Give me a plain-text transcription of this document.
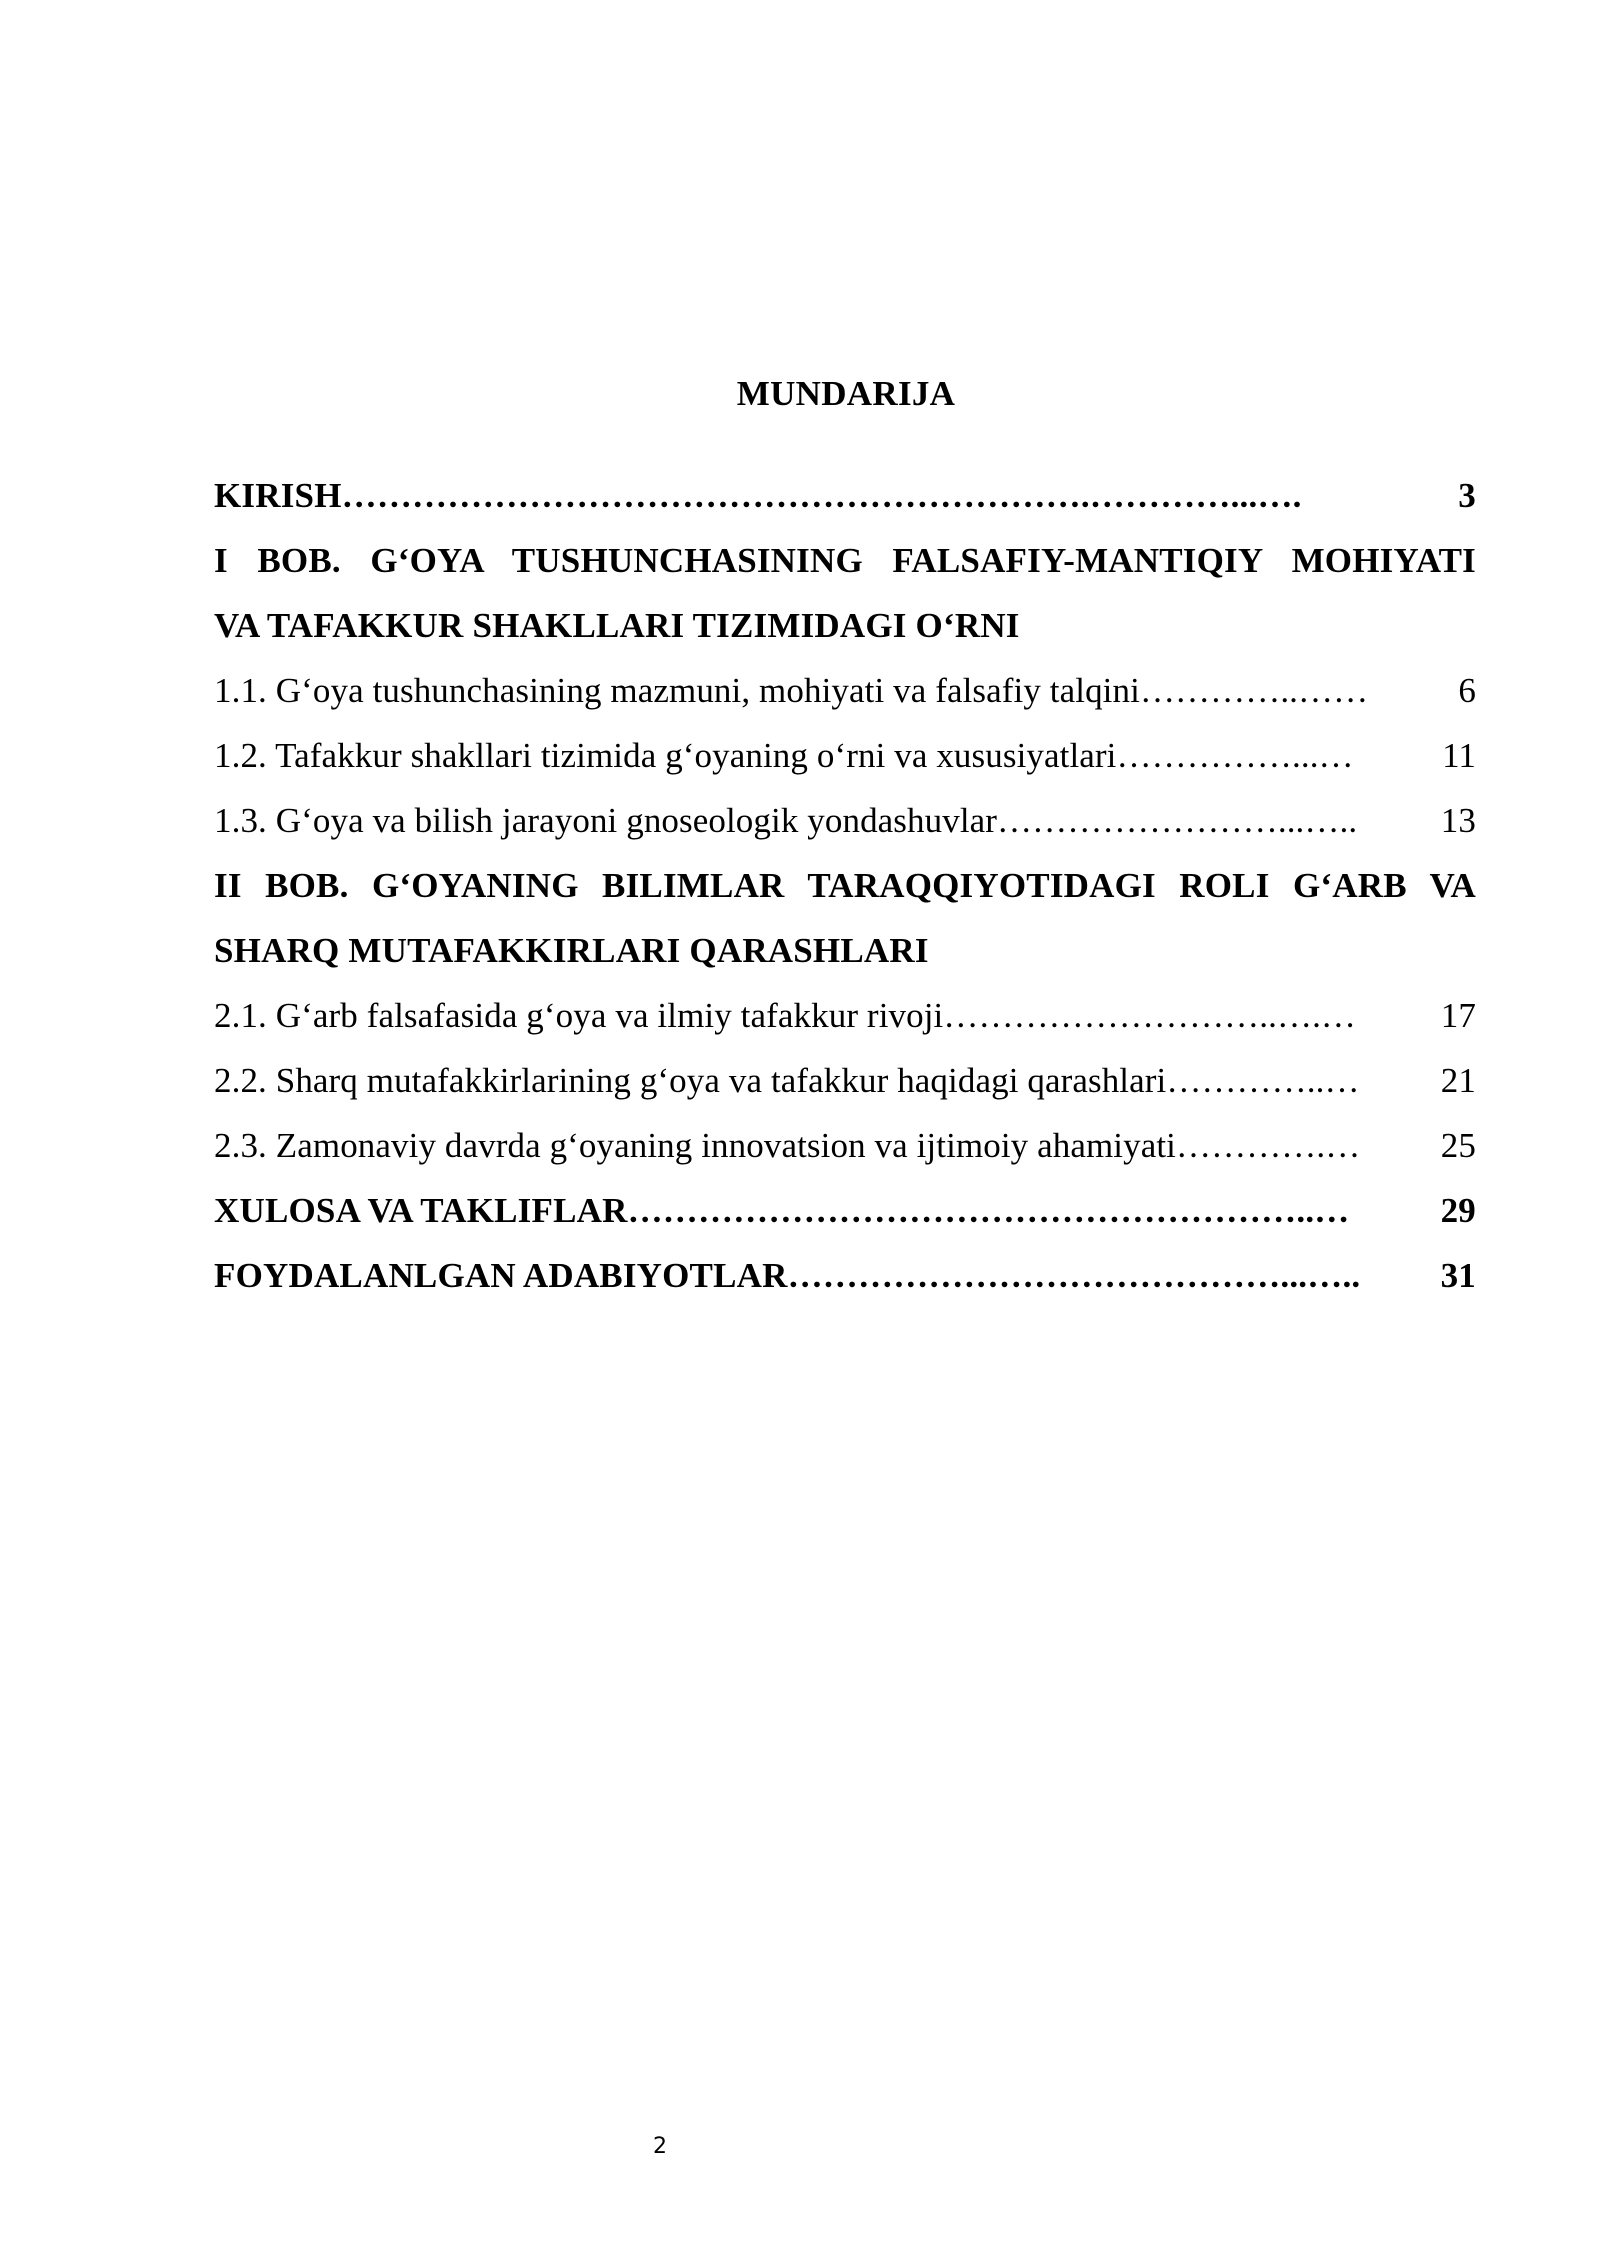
MUNDARIJA
KIRISH ……………………………………………………….…………...….	3
I BOB. G‘OYA TUSHUNCHASINING FALSAFIY-MANTIQIY MOHIYATI
VA TAFAKKUR SHAKLLARI TIZIMIDAGI O‘RNI
1.1. G‘oya tushunchasining mazmuni, mohiyati va falsafiy talqini …………..……	6
1.2. Tafakkur shakllari tizimida g‘oyaning o‘rni va xususiyatlari ……………...…	11
1.3. G‘oya va bilish jarayoni gnoseologik yondashuvlar ……………………...…..	13
II BOB. G‘OYANING BILIMLAR TARAQQIYOTIDAGI ROLI G‘ARB VA
SHARQ MUTAFAKKIRLARI QARASHLARI
2.1. G‘arb falsafasida g‘oya va ilmiy tafakkur rivoji ………………………..….…	17
2.2. Sharq mutafakkirlarining g‘oya va tafakkur haqidagi qarashlari …………..…	21
2.3. Zamonaviy davrda g‘oyaning innovatsion va ijtimoiy ahamiyati ………….…	25
XULOSA VA TAKLIFLAR …………………………………………………..…	29
FOYDALANLGAN ADABIYOTLAR ……………………………………...…..	31
2
